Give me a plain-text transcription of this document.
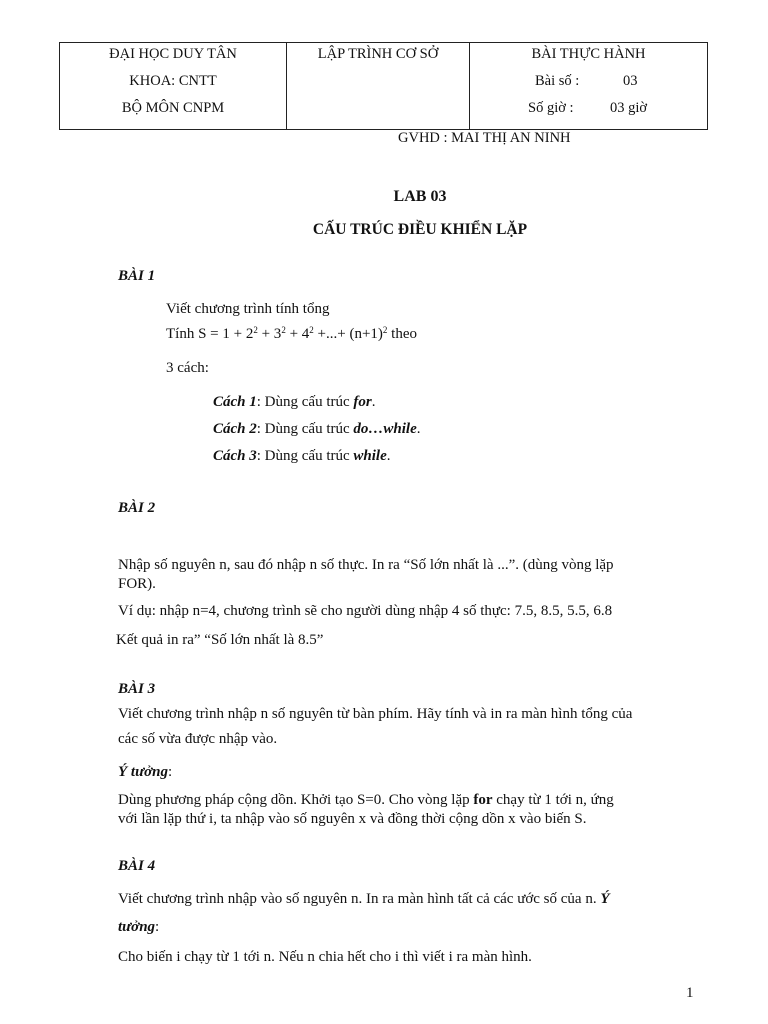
ĐẠI HỌC DUY TÂN
KHOA: CNTT
BỘ MÔN CNPM
LẬP TRÌNH CƠ SỞ	BÀI THỰC HÀNH
Bài số :	03
Số giờ :	03 giờ
GVHD : MAI THỊ AN NINH
LAB 03
CẤU TRÚC ĐIỀU KHIỂN LẶP
BÀI 1
Viết chương trình tính tổng
Tính $S = 1 + 2^2 + 3^2 + 4^2$ +...+ $(n+1)^2$ theo
3 cách:
Cách 1: Dùng cấu trúc for.
Cách 2: Dùng cấu trúc do…while.
Cách 3: Dùng cấu trúc while.
BÀI 2
Nhập số nguyên n, sau đó nhập n số thực. In ra “Số lớn nhất là ...”. (dùng vòng lặp
FOR).
Ví dụ: nhập n=4, chương trình sẽ cho người dùng nhập 4 số thực: 7.5, 8.5, 5.5, 6.8
Kết quả in ra” “Số lớn nhất là 8.5”
BÀI 3
Viết chương trình nhập n số nguyên từ bàn phím. Hãy tính và in ra màn hình tổng của
các số vừa được nhập vào.
Ý tưởng:
Dùng phương pháp cộng dồn. Khởi tạo S=0. Cho vòng lặp for chạy từ 1 tới n, ứng
với lần lặp thứ i, ta nhập vào số nguyên x và đồng thời cộng dồn x vào biến S.
BÀI 4
Viết chương trình nhập vào số nguyên n. In ra màn hình tất cả các ước số của n. Ý
tưởng:
Cho biến i chạy từ 1 tới n. Nếu n chia hết cho i thì viết i ra màn hình.
1
